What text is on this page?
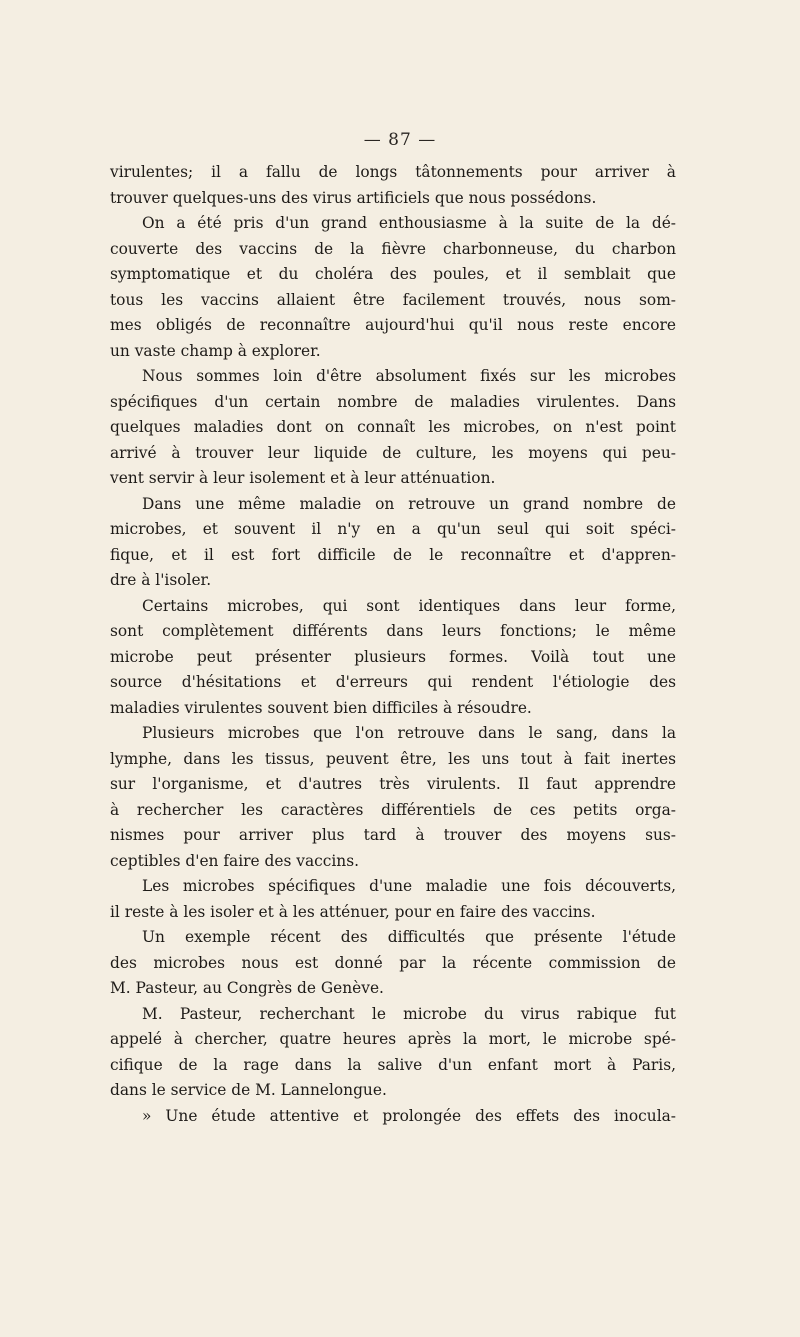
— 87 —
virulentes; il a fallu de longs tâtonnements pour arriver à
trouver quelques-uns des virus artificiels que nous possédons.
On a été pris d'un grand enthousiasme à la suite de la dé-
couverte des vaccins de la fièvre charbonneuse, du charbon
symptomatique et du choléra des poules, et il semblait que
tous les vaccins allaient être facilement trouvés, nous som-
mes obligés de reconnaître aujourd'hui qu'il nous reste encore
un vaste champ à explorer.
Nous sommes loin d'être absolument fixés sur les microbes
spécifiques d'un certain nombre de maladies virulentes. Dans
quelques maladies dont on connaît les microbes, on n'est point
arrivé à trouver leur liquide de culture, les moyens qui peu-
vent servir à leur isolement et à leur atténuation.
Dans une même maladie on retrouve un grand nombre de
microbes, et souvent il n'y en a qu'un seul qui soit spéci-
fique, et il est fort difficile de le reconnaître et d'appren-
dre à l'isoler.
Certains microbes, qui sont identiques dans leur forme,
sont complètement différents dans leurs fonctions; le même
microbe peut présenter plusieurs formes. Voilà tout une
source d'hésitations et d'erreurs qui rendent l'étiologie des
maladies virulentes souvent bien difficiles à résoudre.
Plusieurs microbes que l'on retrouve dans le sang, dans la
lymphe, dans les tissus, peuvent être, les uns tout à fait inertes
sur l'organisme, et d'autres très virulents. Il faut apprendre
à rechercher les caractères différentiels de ces petits orga-
nismes pour arriver plus tard à trouver des moyens sus-
ceptibles d'en faire des vaccins.
Les microbes spécifiques d'une maladie une fois découverts,
il reste à les isoler et à les atténuer, pour en faire des vaccins.
Un exemple récent des difficultés que présente l'étude
des microbes nous est donné par la récente commission de
M. Pasteur, au Congrès de Genève.
M. Pasteur, recherchant le microbe du virus rabique fut
appelé à chercher, quatre heures après la mort, le microbe spé-
cifique de la rage dans la salive d'un enfant mort à Paris,
dans le service de M. Lannelongue.
» Une étude attentive et prolongée des effets des inocula-
